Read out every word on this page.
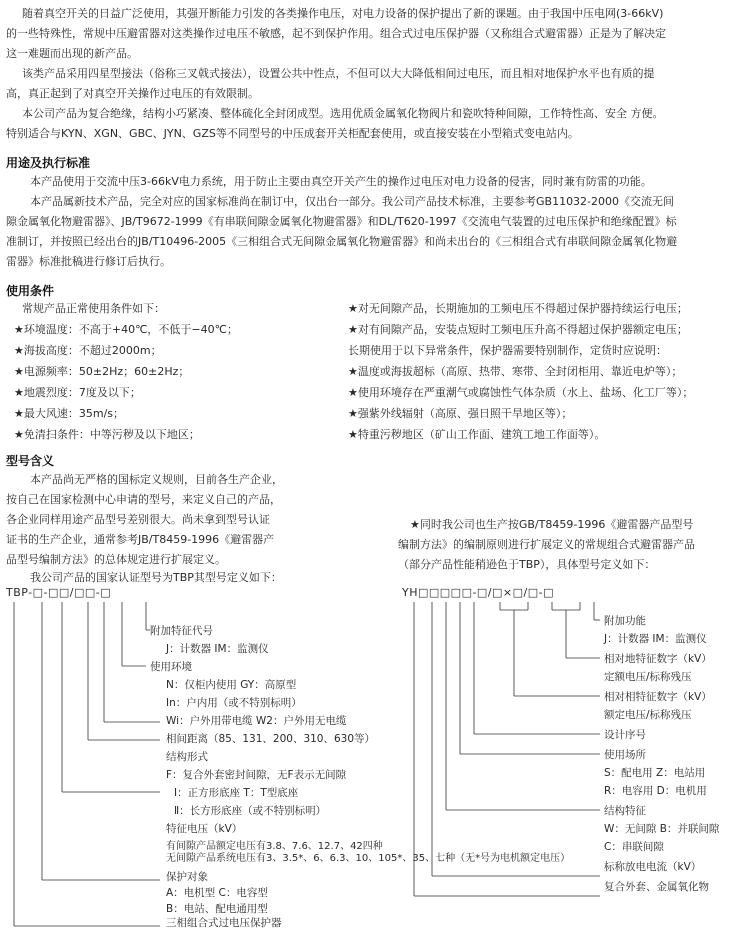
随着真空开关的日益广泛使用，其强开断能力引发的各类操作电压，对电力设备的保护提出了新的课题。由于我国中压电网(3-66kV)

的一些特殊性，常规中压避雷器对这类操作过电压不敏感，起不到保护作用。组合式过电压保护器（又称组合式避雷器）正是为了解决定

这一难题而出现的新产品。

该类产品采用四星型接法（俗称三叉戟式接法），设置公共中性点，不但可以大大降低相间过电压，而且相对地保护水平也有质的提

高，真正起到了对真空开关操作过电压的有效限制。

本公司产品为复合绝缘，结构小巧紧凑、整体硫化全封闭成型。选用优质金属氧化物阀片和瓷吹特种间隙，工作特性高、安全 方便。

特别适合与KYN、XGN、GBC、JYN、GZS等不同型号的中压成套开关柜配套使用，或直接安装在小型箱式变电站内。

用途及执行标准

本产品使用于交流中压3-66kV电力系统，用于防止主要由真空开关产生的操作过电压对电力设备的侵害，同时兼有防雷的功能。

本产品属新技术产品，完全对应的国家标准尚在制订中，仅出台一部分。我公司产品技术标准，主要参考GB11032-2000《交流无间

隙金属氧化物避雷器》、JB/T9672-1999《有串联间隙金属氧化物避雷器》和DL/T620-1997《交流电气装置的过电压保护和绝缘配置》标

准制订，并按照已经出台的JB/T10496-2005《三相组合式无间隙金属氧化物避雷器》和尚未出台的《三相组合式有串联间隙金属氧化物避

雷器》标准批稿进行修订后执行。

使用条件

常规产品正常使用条件如下：

★环境温度：不高于+40℃，不低于−40℃；

★海拔高度：不超过2000m；

★电源频率：50±2Hz；60±2Hz；

★地震烈度：7度及以下；

★最大风速：35m/s；

★免清扫条件：中等污秽及以下地区；

★对无间隙产品，长期施加的工频电压不得超过保护器持续运行电压；

★对有间隙产品，安装点短时工频电压升高不得超过保护器额定电压；

长期使用于以下异常条件，保护器需要特别制作，定货时应说明：

★温度或海拔超标（高原、热带、寒带、全封闭柜用、靠近电炉等）；

★使用环境存在严重潮气或腐蚀性气体杂质（水上、盐场、化工厂等）；

★强紫外线辐射（高原、强日照干旱地区等）；

★特重污秽地区（矿山工作面、建筑工地工作面等）。

型号含义

本产品尚无严格的国标定义规则，目前各生产企业，

按自己在国家检测中心申请的型号，来定义自己的产品，

各企业同样用途产品型号差别很大。尚未拿到型号认证

证书的生产企业，通常参考JB/T8459-1996《避雷器产

品型号编制方法》的总体规定进行扩展定义。

我公司产品的国家认证型号为TBP其型号定义如下：

★同时我公司也生产按GB/T8459-1996《避雷器产品型号

编制方法》的编制原则进行扩展定义的常规组合式避雷器产品

（部分产品性能稍逊色于TBP），具体型号定义如下：

TBP-□-□□/□□-□
附加特征代号
J：计数器 IM：监测仪
使用环境
N：仅柜内使用 GY：高原型
In：户内用（或不特别标明）
Wi：户外用带电缆 W2：户外用无电缆
相间距离（85、131、200、310、630等）
结构形式
F：复合外套密封间隙，无F表示无间隙
Ⅰ：正方形底座 T：T型底座
Ⅱ：长方形底座（或不特别标明）
特征电压（kV）
有间隙产品额定电压有3.8、7.6、12.7、42四种
无间隙产品系统电压有3、3.5*、6、6.3、10、105*、35、七种（无*号为电机额定电压）
YH□□□□□-□/□×□/□-□
附加功能
J：计数器 IM：监测仪
相对地特征数字（kV）
定额电压/标称残压
相对相特征数字（kV）
额定电压/标称残压
设计序号
使用场所
S：配电用 Z：电站用
R：电容用 D：电机用
结构特征
W：无间隙 B：并联间隙
C：串联间隙
标称放电电流（kV）
复合外套、金属氧化物
保护对象
A：电机型 C：电容型
B：电站、配电通用型
三相组合式过电压保护器
